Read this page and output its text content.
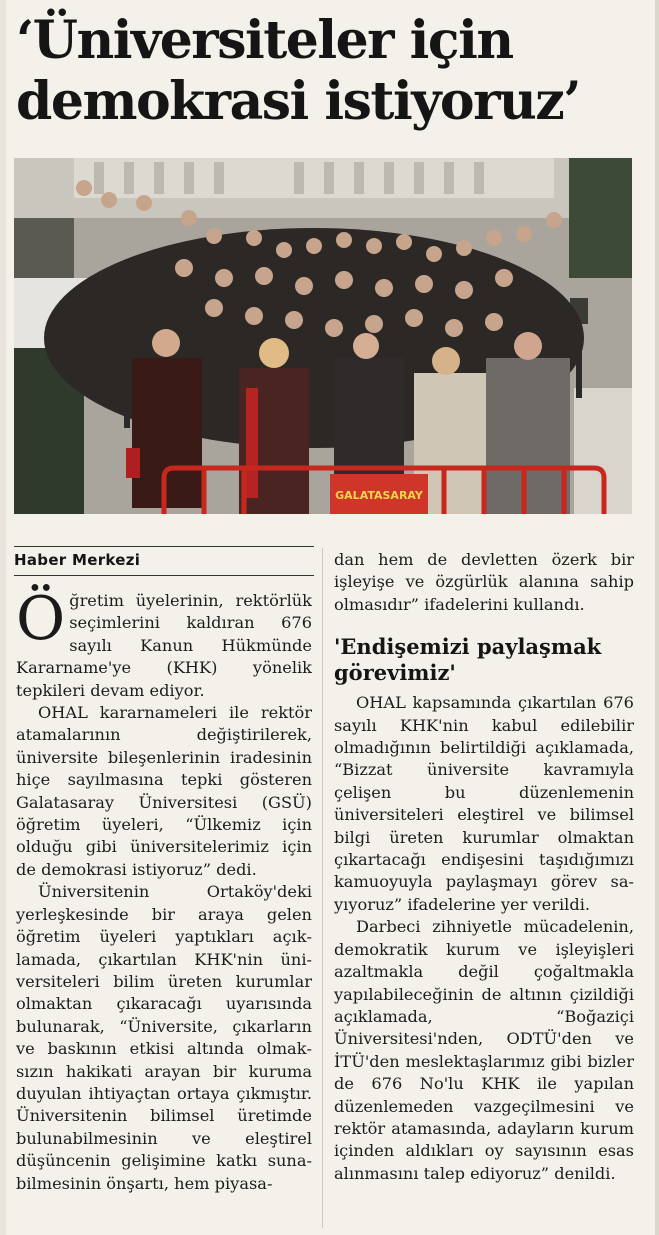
‘Üniversiteler için demokrasi istiyoruz’
GALATASARAY
Haber Merkezi

Öğretim üyelerinin, rektörlük seçimlerini kaldıran 676 sayılı Kanun Hükmünde Kararname'ye (KHK) yönelik tepkileri devam ediyor.

OHAL kararnameleri ile rektör atamalarının değiştirilerek, üniversite bileşenlerinin iradesinin hiçe sayılmasına tepki gösteren Galatasaray Üniversitesi (GSÜ) öğretim üyeleri, “Ülkemiz için olduğu gibi üniversitelerimiz için de demokrasi istiyoruz” dedi.

Üniversitenin Ortaköy'deki yerleşkesinde bir araya gelen öğretim üyeleri yaptıkları açıklamada, çıkartılan KHK'nin üniversiteleri bilim üreten kurumlar olmaktan çıkaracağı uyarısında bulunarak, “Üniversite, çıkarların ve baskının etkisi altında olmaksızın hakikati arayan bir kuruma duyulan ihtiyaçtan ortaya çıkmıştır. Üniversitenin bilimsel üretimde bulunabilmesinin ve eleştirel düşüncenin gelişimine katkı sunabilmesinin önşartı, hem piyasa-

dan hem de devletten özerk bir işleyişe ve özgürlük alanına sahip olmasıdır” ifadelerini kullandı.

'Endişemizi paylaşmak görevimiz'

OHAL kapsamında çıkartılan 676 sayılı KHK'nin kabul edilebilir olmadığının belirtildiği açıklamada, “Bizzat üniversite kavramıyla çelişen bu düzenlemenin üniversiteleri eleştirel ve bilimsel bilgi üreten kurumlar olmaktan çıkartacağı endişesini taşıdığımızı kamuoyuyla paylaşmayı görev sayıyoruz” ifadelerine yer verildi.

Darbeci zihniyetle mücadelenin, demokratik kurum ve işleyişleri azaltmakla değil çoğaltmakla yapılabileceğinin de altının çizildiği açıklamada, “Boğaziçi Üniversitesi'nden, ODTÜ'den ve İTÜ'den meslektaşlarımız gibi bizler de 676 No'lu KHK ile yapılan düzenlemeden vazgeçilmesini ve rektör atamasında, adayların kurum içinden aldıkları oy sayısının esas alınmasını talep ediyoruz” denildi.
